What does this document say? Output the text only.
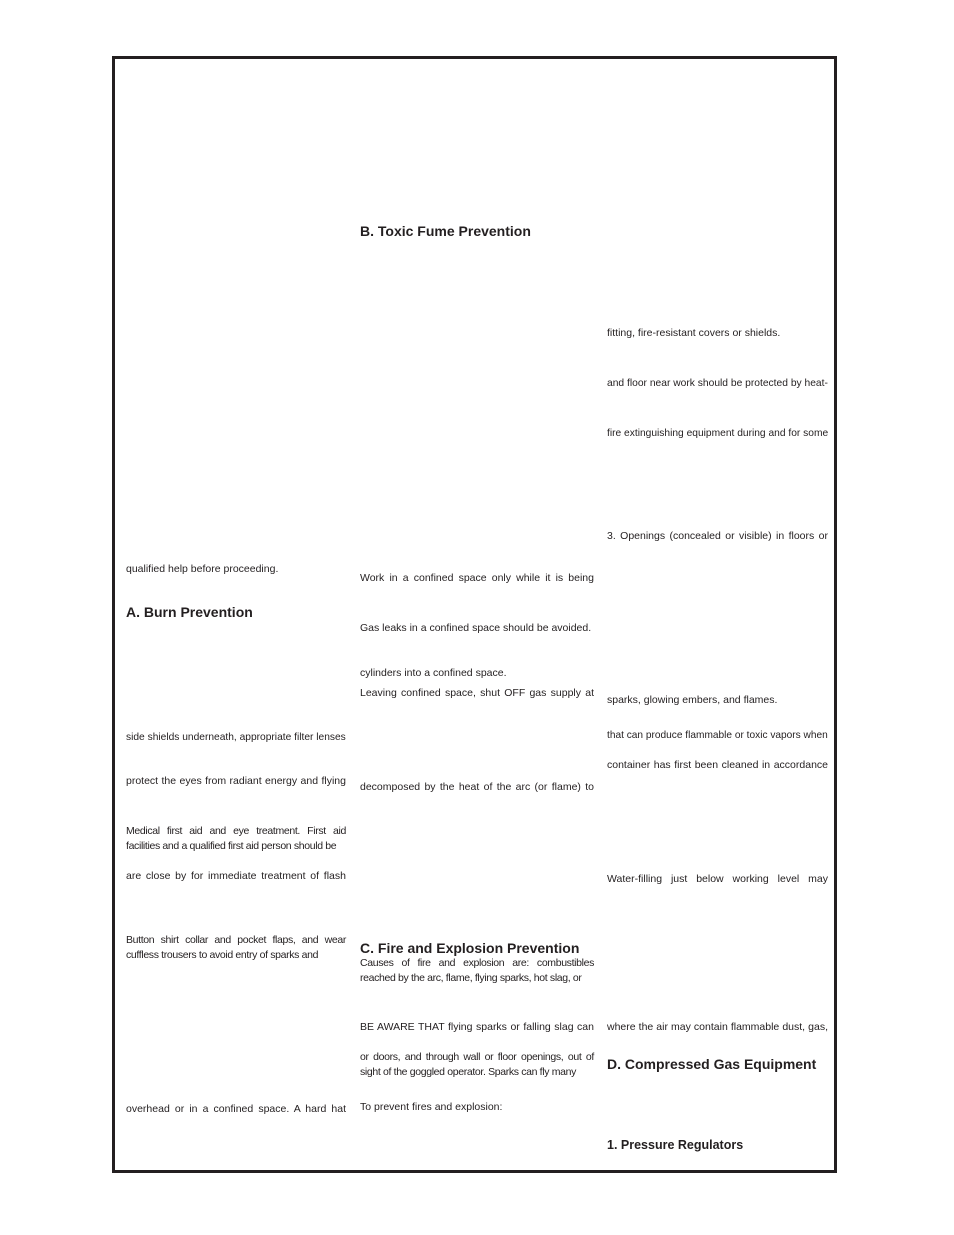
B. Toxic Fume Prevention
A. Burn Prevention
C. Fire and Explosion Prevention
D. Compressed Gas Equipment
1. Pressure Regulators
qualified help before proceeding.
side shields underneath, appropriate filter lenses
protect the eyes from radiant energy and flying
Medical first aid and eye treatment. First aid facilities and a qualified first aid person should be
are close by for immediate treatment of flash
Button shirt collar and pocket flaps, and wear cuffless trousers to avoid entry of sparks and
overhead or in a confined space. A hard hat
Work in a confined space only while it is being
Gas leaks in a confined space should be avoided.
cylinders into a confined space.
Leaving confined space, shut OFF gas supply at
decomposed by the heat of the arc (or flame) to
Causes of fire and explosion are: combustibles reached by the arc, flame, flying sparks, hot slag, or
BE AWARE THAT flying sparks or falling slag can
or doors, and through wall or floor openings, out of sight of the goggled operator. Sparks can fly many
To prevent fires and explosion:
fitting, fire-resistant covers or shields.
and floor near work should be protected by heat-
fire extinguishing equipment during and for some
3. Openings (concealed or visible) in floors or
sparks, glowing embers, and flames.
that can produce flammable or toxic vapors when
container has first been cleaned in accordance
Water-filling just below working level may
where the air may contain flammable dust, gas,
